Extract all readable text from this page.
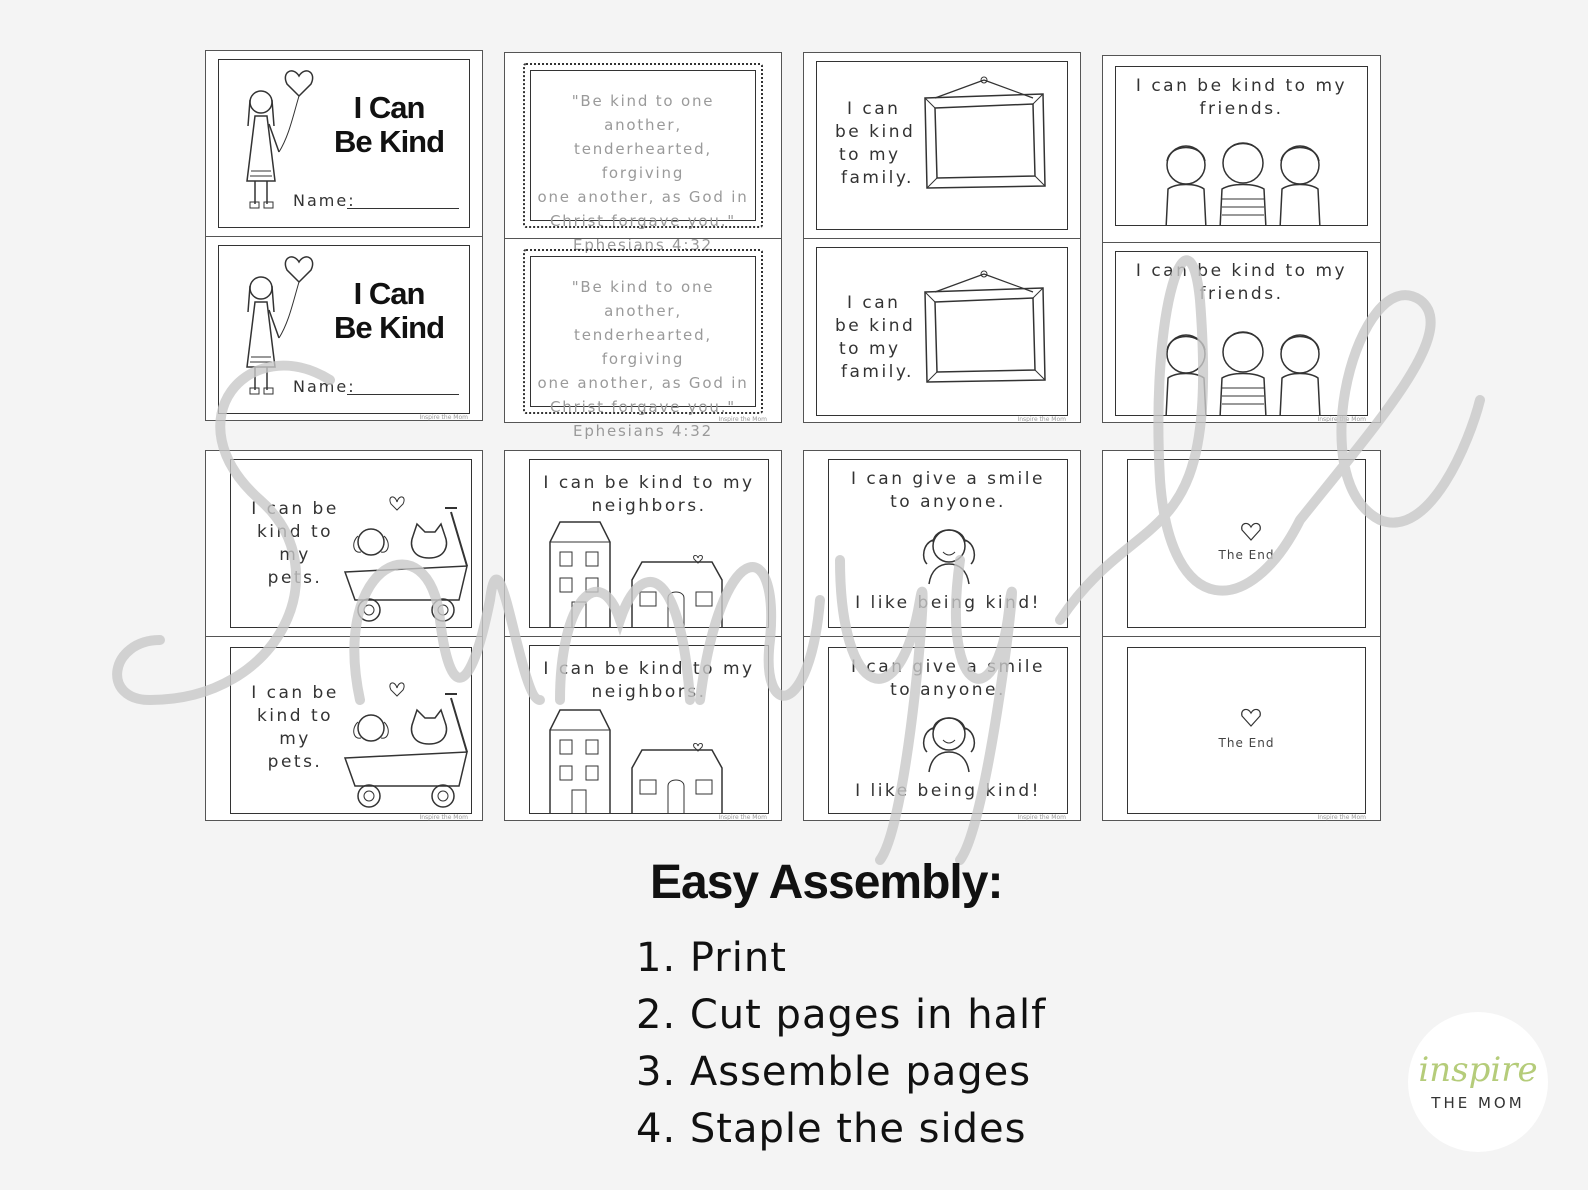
I Can
Be Kind
Name:
I Can
Be Kind
Name:
Inspire the Mom
"Be kind to one another,
tenderhearted, forgiving
one another, as God in
Christ forgave you."
Ephesians 4:32
"Be kind to one another,
tenderhearted, forgiving
one another, as God in
Christ forgave you."
Ephesians 4:32
Inspire the Mom
I can
be kind
to my
family.
I can
be kind
to my
family.
Inspire the Mom
I can be kind to my
friends.
I can be kind to my
friends.
Inspire the Mom
I can be
kind to
my
pets.
I can be
kind to
my
pets.
Inspire the Mom
I can be kind to my
neighbors.
I can be kind to my
neighbors.
Inspire the Mom
I can give a smile
to anyone.
I like being kind!
I can give a smile
to anyone.
I like being kind!
Inspire the Mom
The End
The End
Inspire the Mom
Easy Assembly:
1. Print
2. Cut pages in half
3. Assemble pages
4. Staple the sides
inspire
THE MOM
